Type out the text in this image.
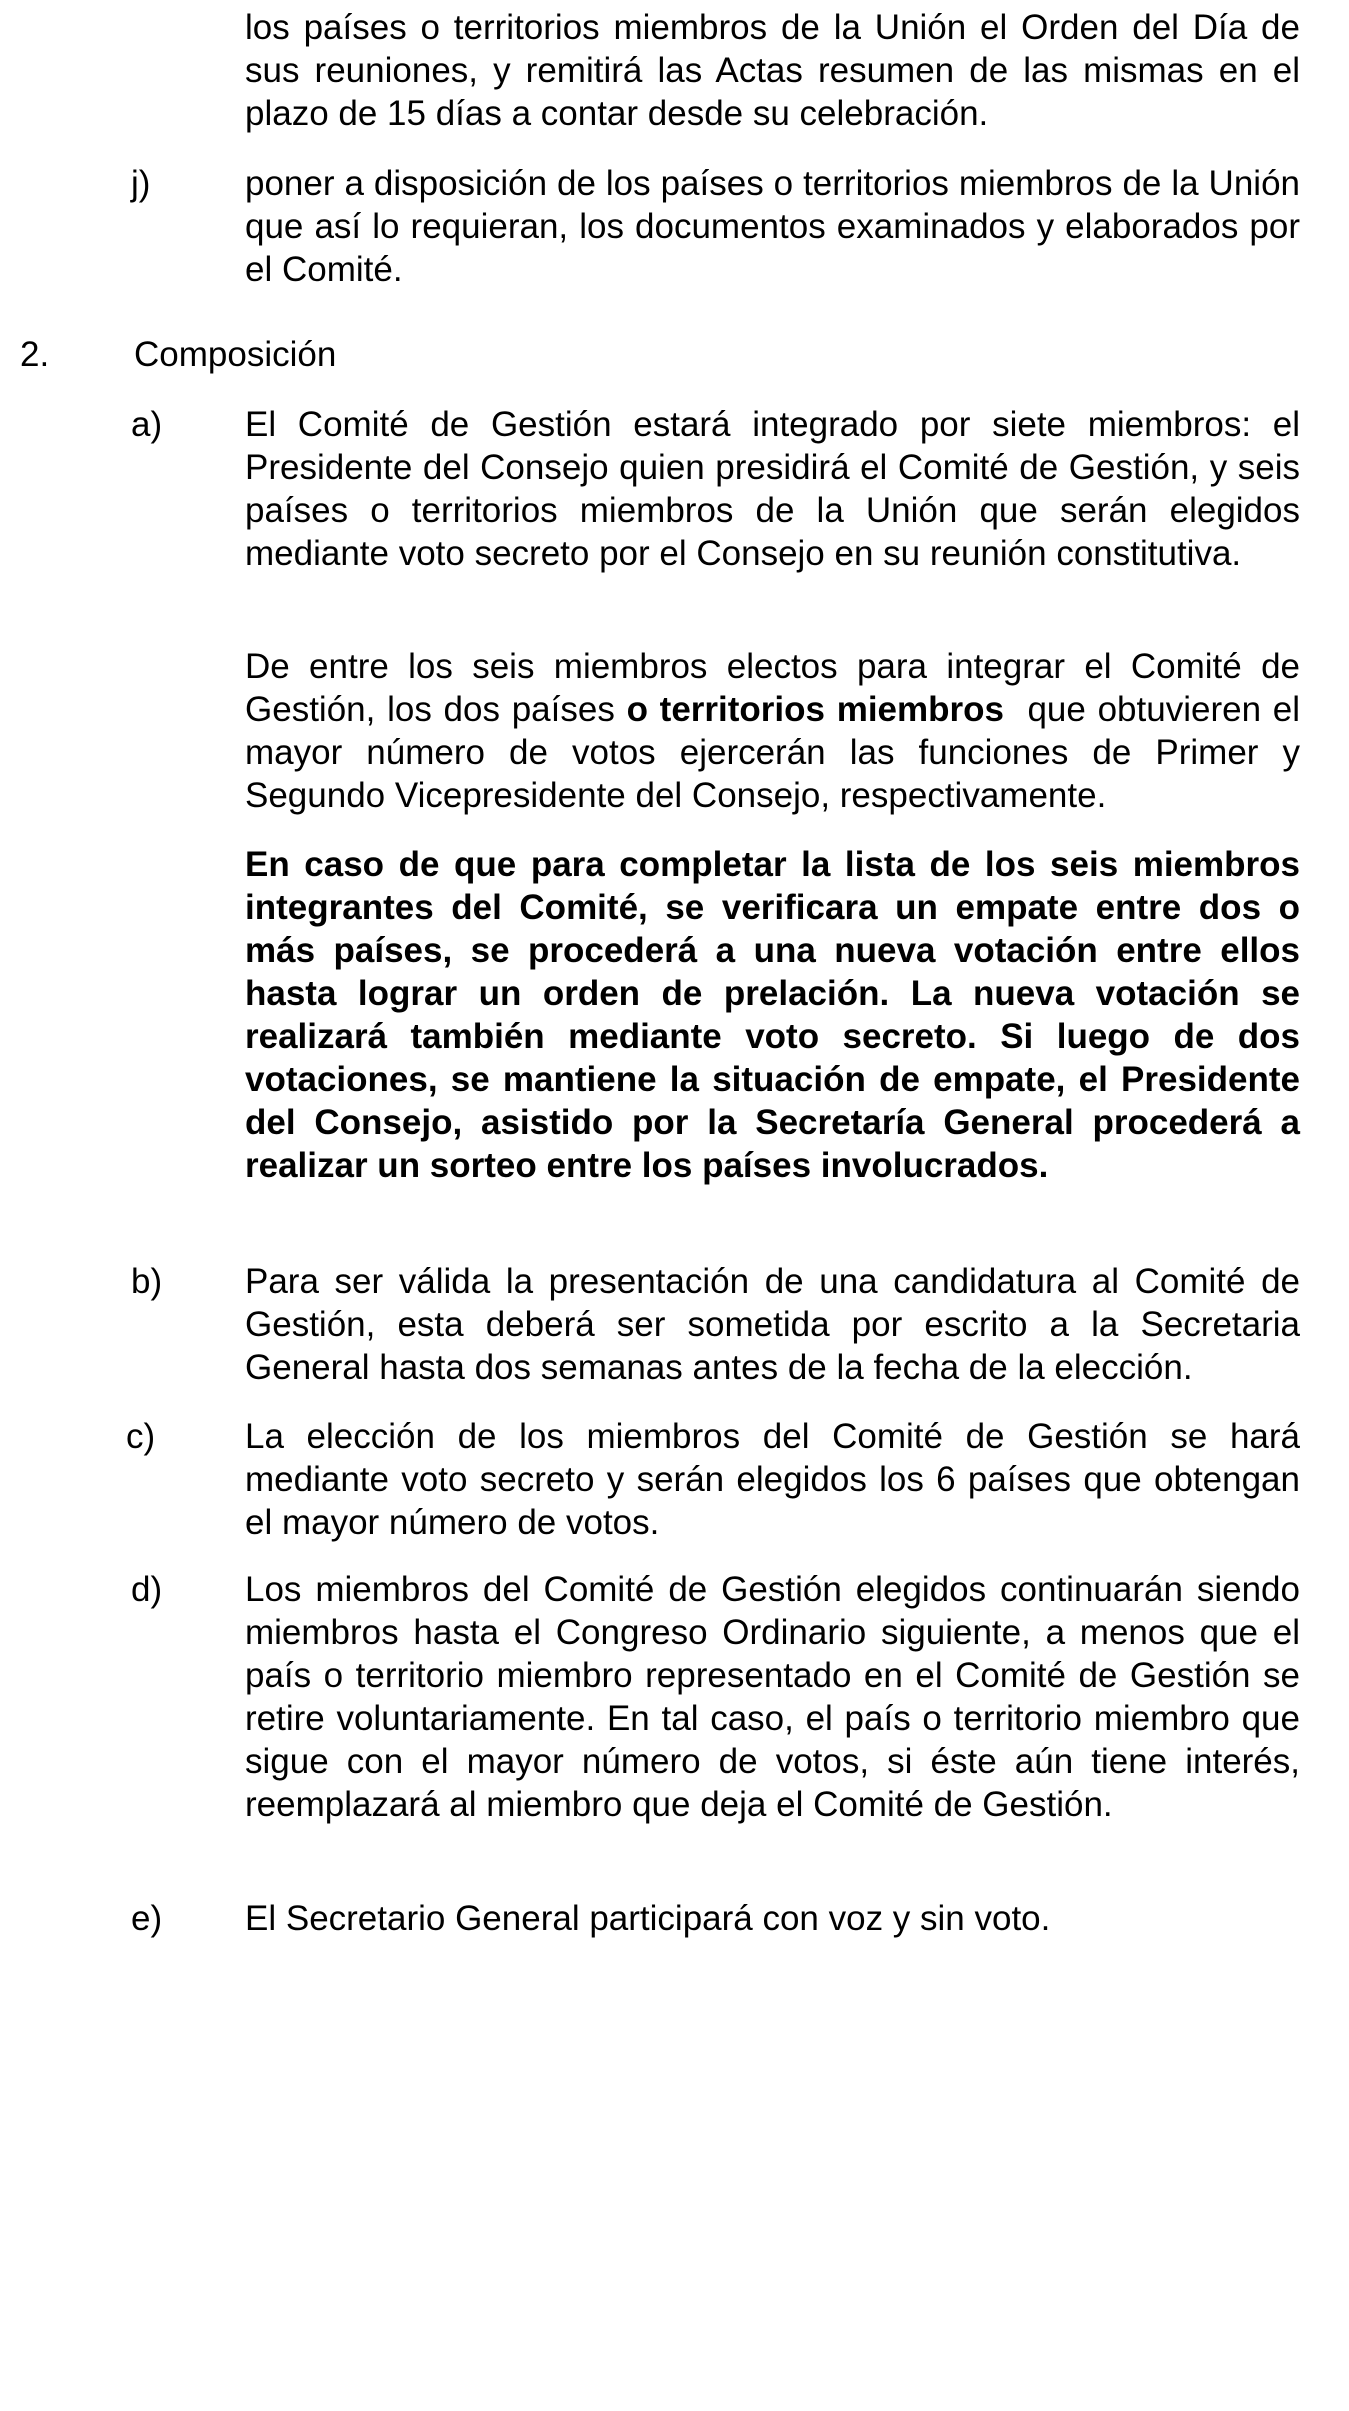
los países o territorios miembros de la Unión el Orden del Día de sus reuniones, y remitirá las Actas resumen de las mismas en el plazo de 15 días a contar desde su celebración.

j)	poner a disposición de los países o territorios miembros de la Unión que así lo requieran, los documentos examinados y elaborados por el Comité.

2. Composición

a) El Comité de Gestión estará integrado por siete miembros: el Presidente del Consejo quien presidirá el Comité de Gestión, y seis países o territorios miembros de la Unión que serán elegidos mediante voto secreto por el Consejo en su reunión constitutiva.

De entre los seis miembros electos para integrar el Comité de Gestión, los dos países o territorios miembros  que obtuvieren el mayor número de votos ejercerán las funciones de Primer y Segundo Vicepresidente del Consejo, respectivamente.

En caso de que para completar la lista de los seis miembros integrantes del Comité, se verificara un empate entre dos o más países, se procederá a una nueva votación entre ellos hasta lograr un orden de prelación. La nueva votación se realizará también mediante voto secreto. Si luego de dos votaciones, se mantiene la situación de empate, el Presidente del Consejo, asistido por la Secretaría General procederá a realizar un sorteo entre los países involucrados.

b) Para ser válida la presentación de una candidatura al Comité de Gestión, esta deberá ser sometida por escrito a la Secretaria General hasta dos semanas antes de la fecha de la elección.

c)	La elección de los miembros del Comité de Gestión se hará mediante voto secreto y serán elegidos los 6 países que obtengan el mayor número de votos.

d) Los miembros del Comité de Gestión elegidos continuarán siendo miembros hasta el Congreso Ordinario siguiente, a menos que el país o territorio miembro representado en el Comité de Gestión se retire voluntariamente. En tal caso, el país o territorio miembro que sigue con el mayor número de votos, si éste aún tiene interés, reemplazará al miembro que deja el Comité de Gestión.

e) El Secretario General participará con voz y sin voto.
